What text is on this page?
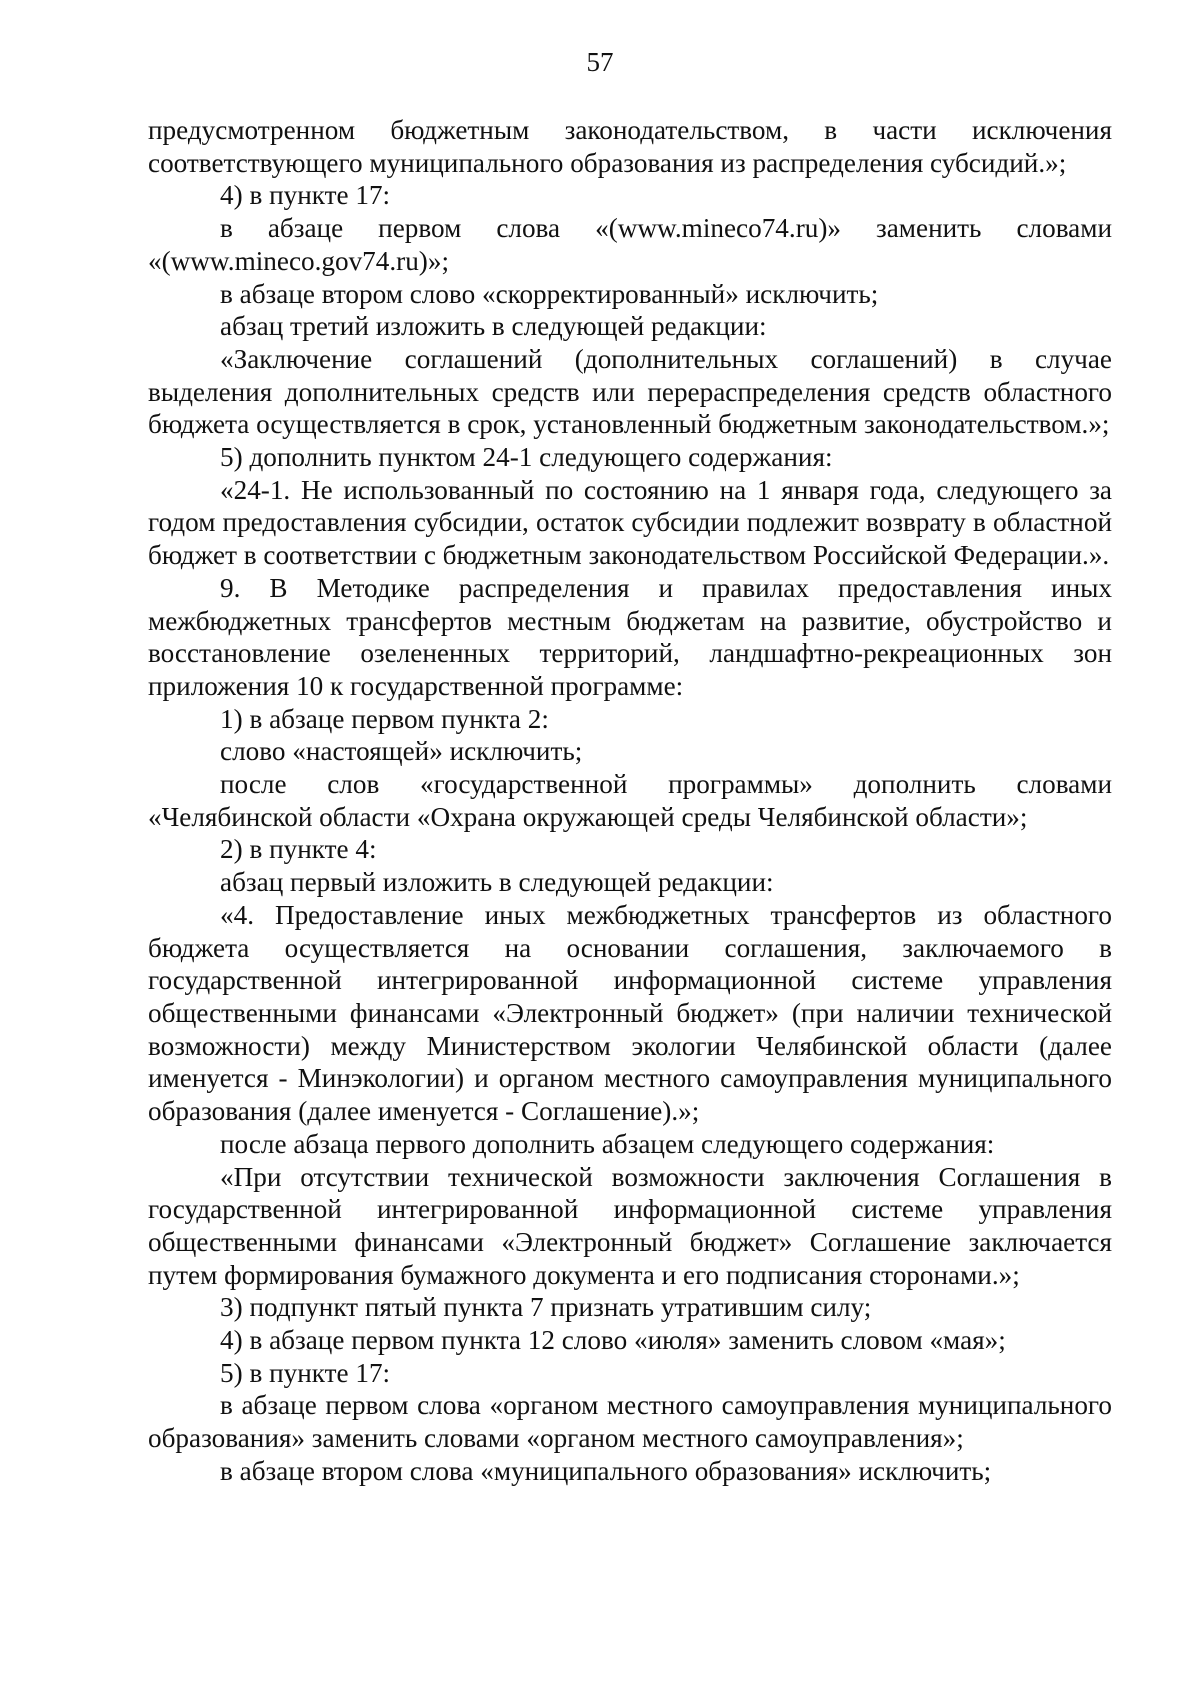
57

предусмотренном бюджетным законодательством, в части исключения соответствующего муниципального образования из распределения субсидий.»;

4) в пункте 17:

в абзаце первом слова «(www.mineco74.ru)» заменить словами «(www.mineco.gov74.ru)»;

в абзаце втором слово «скорректированный» исключить;

абзац третий изложить в следующей редакции:

«Заключение соглашений (дополнительных соглашений) в случае выделения дополнительных средств или перераспределения средств областного бюджета осуществляется в срок, установленный бюджетным законодательством.»;

5) дополнить пунктом 24-1 следующего содержания:

«24-1. Не использованный по состоянию на 1 января года, следующего за годом предоставления субсидии, остаток субсидии подлежит возврату в областной бюджет в соответствии с бюджетным законодательством Российской Федерации.».

9. В Методике распределения и правилах предоставления иных межбюджетных трансфертов местным бюджетам на развитие, обустройство и восстановление озелененных территорий, ландшафтно-рекреационных зон приложения 10 к государственной программе:

1) в абзаце первом пункта 2:

слово «настоящей» исключить;

после слов «государственной программы» дополнить словами «Челябинской области «Охрана окружающей среды Челябинской области»;

2) в пункте 4:

абзац первый изложить в следующей редакции:

«4. Предоставление иных межбюджетных трансфертов из областного бюджета осуществляется на основании соглашения, заключаемого в государственной интегрированной информационной системе управления общественными финансами «Электронный бюджет» (при наличии технической возможности) между Министерством экологии Челябинской области (далее именуется - Минэкологии) и органом местного самоуправления муниципального образования (далее именуется - Соглашение).»;

после абзаца первого дополнить абзацем следующего содержания:

«При отсутствии технической возможности заключения Соглашения в государственной интегрированной информационной системе управления общественными финансами «Электронный бюджет» Соглашение заключается путем формирования бумажного документа и его подписания сторонами.»;

3) подпункт пятый пункта 7 признать утратившим силу;

4) в абзаце первом пункта 12 слово «июля» заменить словом «мая»;

5) в пункте 17:

в абзаце первом слова «органом местного самоуправления муниципального образования» заменить словами «органом местного самоуправления»;

в абзаце втором слова «муниципального образования» исключить;
